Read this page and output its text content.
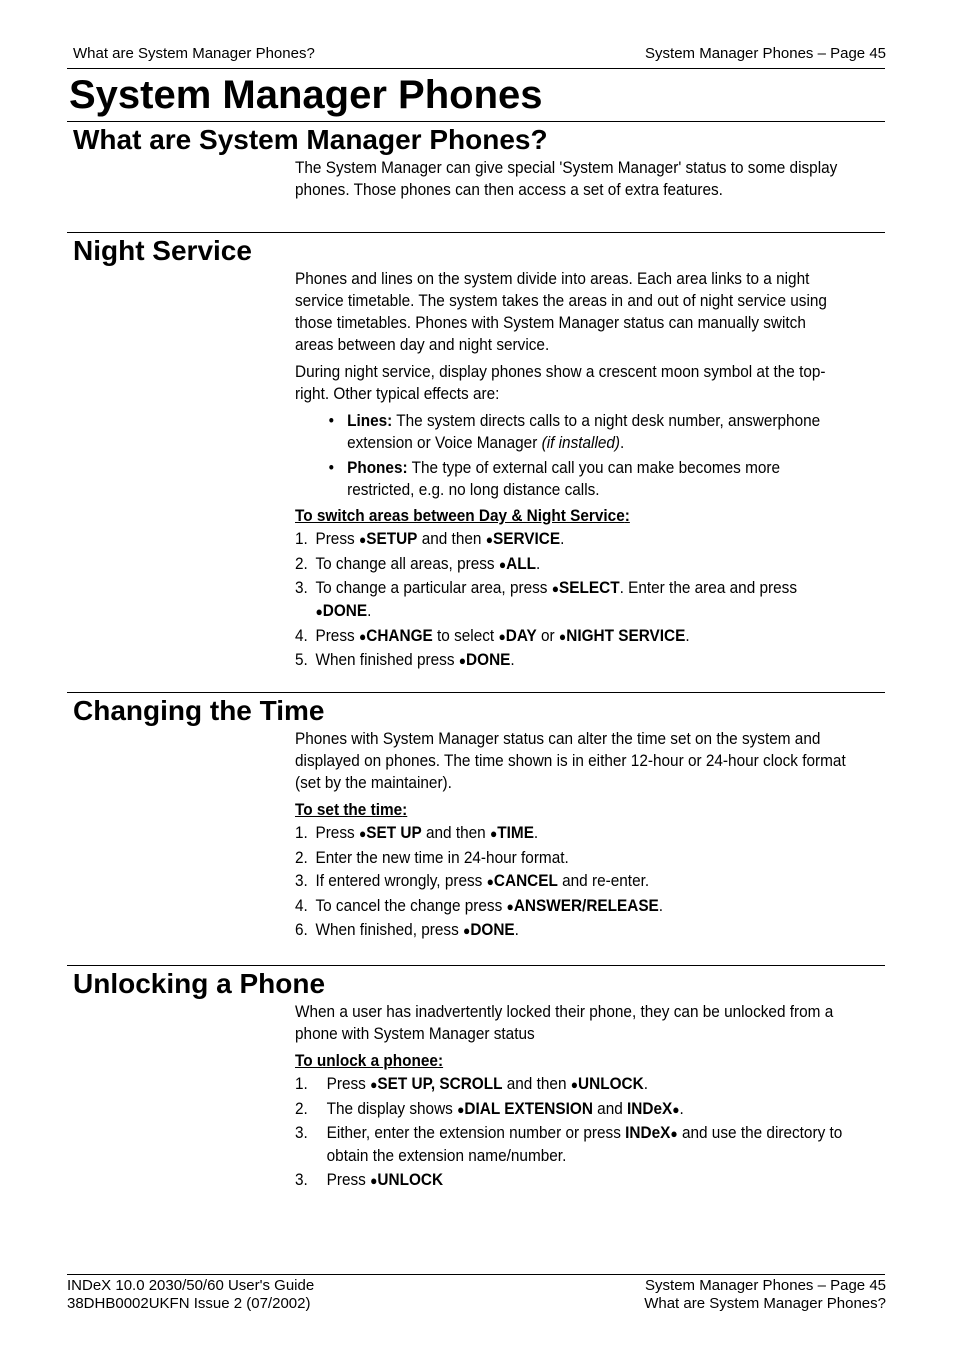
What are System Manager Phones?	System Manager Phones – Page 45
System Manager Phones
What are System Manager Phones?

The System Manager can give special 'System Manager' status to some display phones. Those phones can then access a set of extra features.

Night Service

Phones and lines on the system divide into areas. Each area links to a night service timetable. The system takes the areas in and out of night service using those timetables. Phones with System Manager status can manually switch areas between day and night service.

During night service, display phones show a crescent moon symbol at the top-right. Other typical effects are:

• Lines: The system directs calls to a night desk number, answerphone extension or Voice Manager (if installed).
• Phones: The type of external call you can make becomes more restricted, e.g. no long distance calls.
To switch areas between Day & Night Service:
1. Press ●SETUP and then ●SERVICE.
2. To change all areas, press ●ALL.
3. To change a particular area, press ●SELECT. Enter the area and press ●DONE.
4. Press ●CHANGE to select ●DAY or ●NIGHT SERVICE.
5. When finished press ●DONE.
Changing the Time

Phones with System Manager status can alter the time set on the system and displayed on phones. The time shown is in either 12-hour or 24-hour clock format (set by the maintainer).

To set the time:
1. Press ●SET UP and then ●TIME.
2. Enter the new time in 24-hour format.
3. If entered wrongly, press ●CANCEL and re-enter.
4. To cancel the change press ●ANSWER/RELEASE.
6. When finished, press ●DONE.
Unlocking a Phone

When a user has inadvertently locked their phone, they can be unlocked from a phone with System Manager status

To unlock a phonee:
1.	Press ●SET UP, SCROLL and then ●UNLOCK.
2.	The display shows ●DIAL EXTENSION and INDeX●.
3.	Either, enter the extension number or press INDeX● and use the directory to obtain the extension name/number.
3.	Press ●UNLOCK
INDeX 10.0 2030/50/60 User's Guide
38DHB0002UKFN Issue 2 (07/2002)
System Manager Phones – Page 45
What are System Manager Phones?
